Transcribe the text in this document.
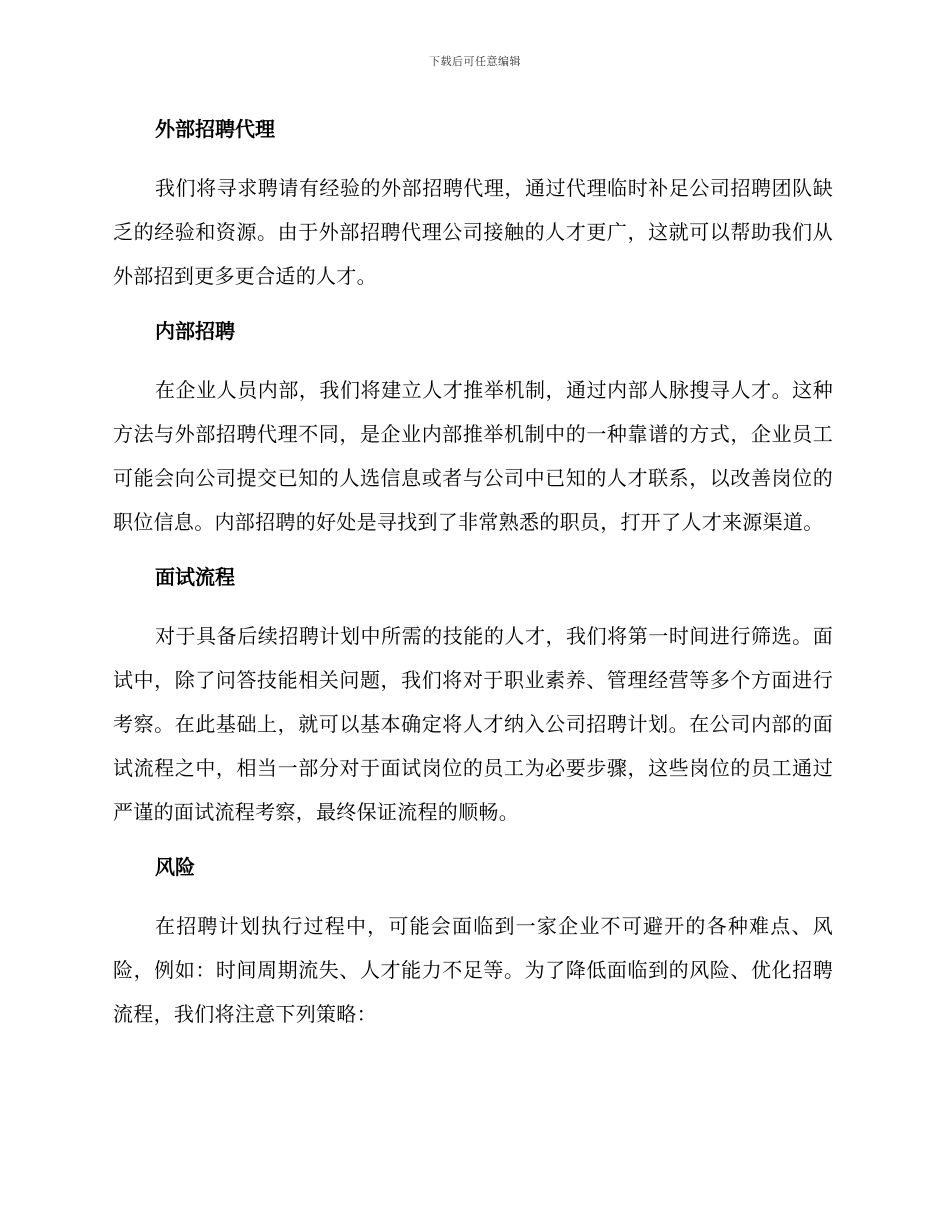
下载后可任意编辑
外部招聘代理

我们将寻求聘请有经验的外部招聘代理，通过代理临时补足公司招聘团队缺乏的经验和资源。由于外部招聘代理公司接触的人才更广，这就可以帮助我们从外部招到更多更合适的人才。

内部招聘

在企业人员内部，我们将建立人才推举机制，通过内部人脉搜寻人才。这种方法与外部招聘代理不同，是企业内部推举机制中的一种靠谱的方式，企业员工可能会向公司提交已知的人选信息或者与公司中已知的人才联系，以改善岗位的职位信息。内部招聘的好处是寻找到了非常熟悉的职员，打开了人才来源渠道。

面试流程

对于具备后续招聘计划中所需的技能的人才，我们将第一时间进行筛选。面试中，除了问答技能相关问题，我们将对于职业素养、管理经营等多个方面进行考察。在此基础上，就可以基本确定将人才纳入公司招聘计划。在公司内部的面试流程之中，相当一部分对于面试岗位的员工为必要步骤，这些岗位的员工通过严谨的面试流程考察，最终保证流程的顺畅。

风险

在招聘计划执行过程中，可能会面临到一家企业不可避开的各种难点、风险，例如：时间周期流失、人才能力不足等。为了降低面临到的风险、优化招聘流程，我们将注意下列策略：
